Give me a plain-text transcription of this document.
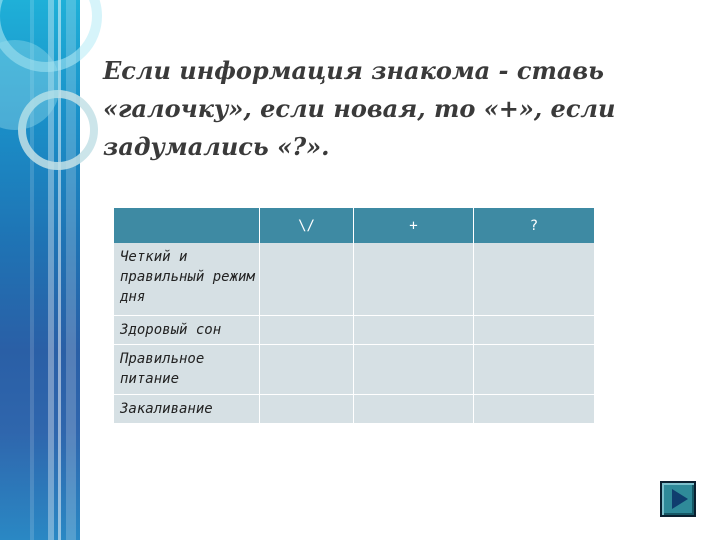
Если информация знакома - ставь «галочку», если новая, то «+», если задумались «?».
	\/	+	?
Четкий и правильный режим дня			
Здоровый сон			
Правильное питание			
Закаливание			
